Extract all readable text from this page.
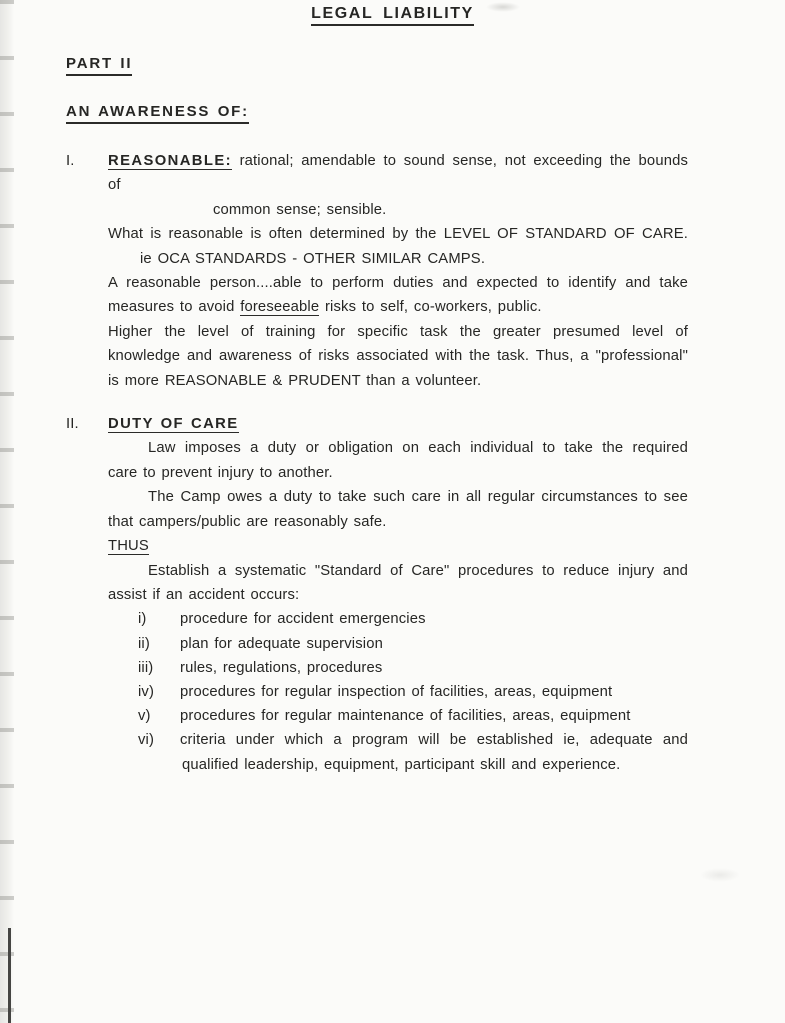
LEGAL LIABILITY
PART II
AN AWARENESS OF:
I.	REASONABLE: rational; amendable to sound sense, not exceeding the bounds of
common sense; sensible.
What is reasonable is often determined by the LEVEL OF STANDARD OF CARE.
ie OCA STANDARDS - OTHER SIMILAR CAMPS.
A reasonable person....able to perform duties and expected to identify and take
measures to avoid foreseeable risks to self, co-workers, public.
Higher the level of training for specific task the greater presumed level of
knowledge and awareness of risks associated with the task. Thus, a "professional"
is more REASONABLE & PRUDENT than a volunteer.
II.	DUTY OF CARE
Law imposes a duty or obligation on each individual to take the required
care to prevent injury to another.
The Camp owes a duty to take such care in all regular circumstances to see
that campers/public are reasonably safe.
THUS
Establish a systematic "Standard of Care" procedures to reduce injury and
assist if an accident occurs:
i)	procedure for accident emergencies
ii)	plan for adequate supervision
iii)	rules, regulations, procedures
iv)	procedures for regular inspection of facilities, areas, equipment
v)	procedures for regular maintenance of facilities, areas, equipment
vi)	criteria under which a program will be established ie, adequate and
qualified leadership, equipment, participant skill and experience.
